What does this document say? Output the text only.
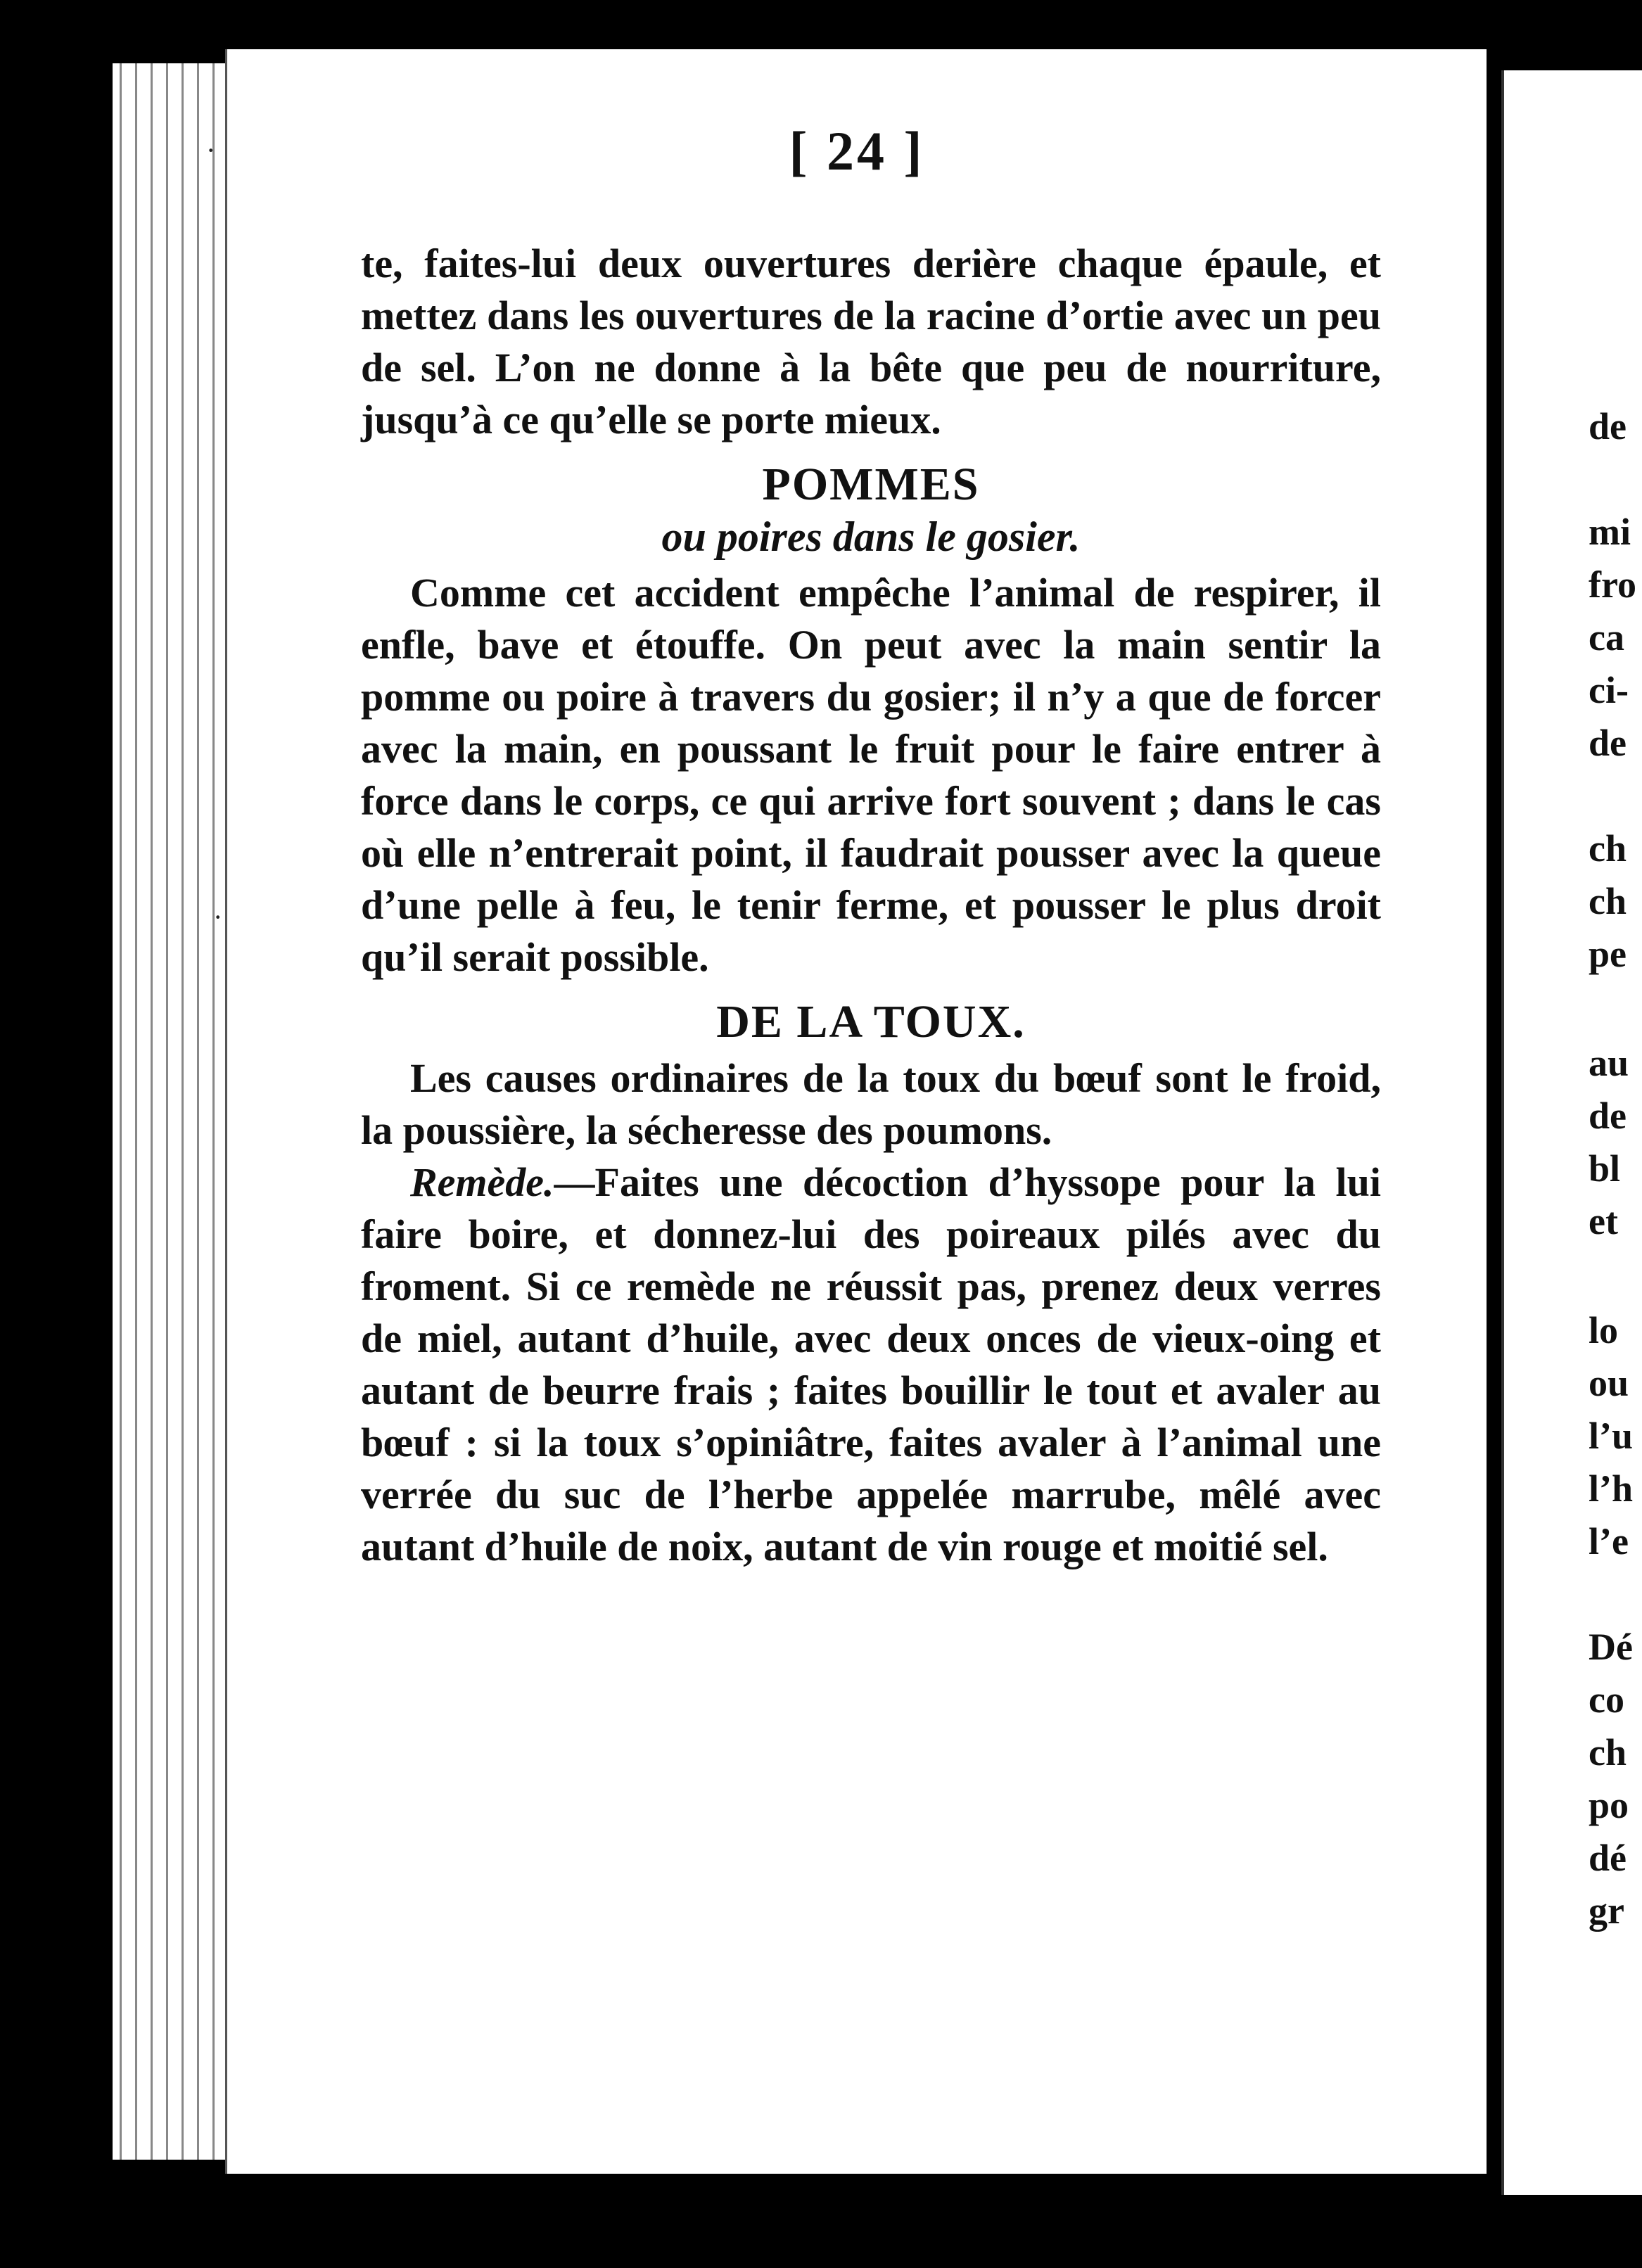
[ 24 ]

te, faites-lui deux ouvertures derière chaque épaule, et mettez dans les ouvertures de la racine d’ortie avec un peu de sel. L’on ne donne à la bête que peu de nourriture, jusqu’à ce qu’elle se porte mieux.

POMMES

ou poires dans le gosier.

Comme cet accident empêche l’animal de respirer, il enfle, bave et étouffe. On peut avec la main sentir la pomme ou poire à travers du gosier; il n’y a que de forcer avec la main, en poussant le fruit pour le faire entrer à force dans le corps, ce qui arrive fort souvent ; dans le cas où elle n’entrerait point, il faudrait pousser avec la queue d’une pelle à feu, le tenir ferme, et pousser le plus droit qu’il serait possible.

DE LA TOUX.

Les causes ordinaires de la toux du bœuf sont le froid, la poussière, la sécheresse des poumons.

Remède.—Faites une décoction d’hyssope pour la lui faire boire, et donnez-lui des poireaux pilés avec du froment. Si ce remède ne réussit pas, prenez deux verres de miel, autant d’huile, avec deux onces de vieux-oing et autant de beurre frais ; faites bouillir le tout et avaler au bœuf : si la toux s’opiniâtre, faites avaler à l’animal une verrée du suc de l’herbe appelée marrube, mêlé avec autant d’huile de noix, autant de vin rouge et moitié sel.

·
·
de
mi
fro
ca
ci-
de
ch
ch
pe
au
de
bl
et
lo
ou
l’u
l’h
l’e
Dé
co
ch
po
dé
gr
